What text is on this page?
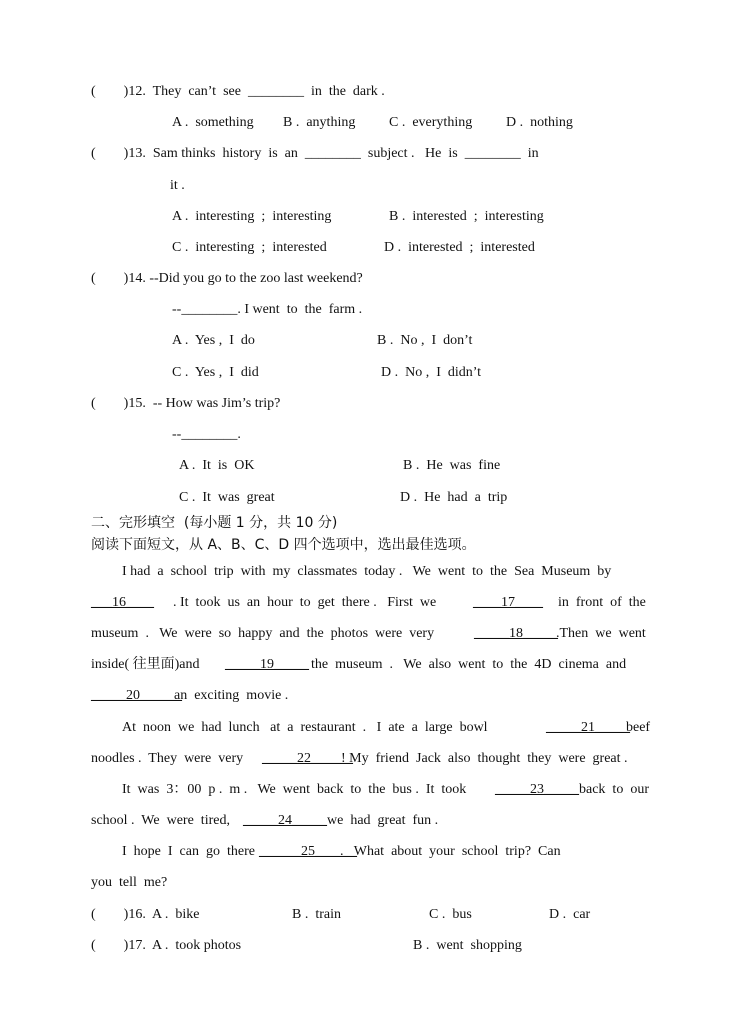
(        )12.  They  can’t  see  ________  in  the  dark .
A .  something B .  anything C .  everything D .  nothing
(        )13.  Sam thinks  history  is  an  ________  subject .   He  is  ________  in
it .
A .  interesting  ;  interesting	B .  interested  ;  interesting
C .  interesting  ;  interested	D .  interested  ;  interested
(        )14. --Did you go to the zoo last weekend?
--________. I went  to  the  farm .
A .  Yes ,  I  do	B .  No ,  I  don’t
C .  Yes ,  I  did	D .  No ,  I  didn’t
(        )15.  -- How was Jim’s trip?
--________.
A .  It  is  OK	B .  He  was  fine
C .  It  was  great	D .  He  had  a  trip
二、完形填空  (每小题 1 分，共 10 分)
阅读下面短文，从 A、B、C、D 四个选项中，选出最佳选项。
I had  a  school  trip  with  my  classmates  today .   We  went  to  the  Sea  Museum  by
___16____ . It  took  us  an  hour  to  get  there .   First  we	____17____ in  front  of  the
museum  .   We  were  so  happy  and  the  photos  were  very	_____18_____
.Then  we  went
inside( 往里面)and _____19_____ the  museum  .   We  also  went  to  the  4D  cinema  and
_____20______
an  exciting  movie .
At  noon  we  had  lunch   at  a  restaurant  .   I  ate  a  large  bowl	_____21_____
beef
noodles .  They  were  very _____22______
! My  friend  Jack  also  thought  they  were  great .
It  was  3：00  p .  m .   We  went  back  to  the  bus .  It  took _____23_____ back  to  our
school .  We  were  tired, _____24_____ we  had  great  fun .
I  hope  I  can  go  there ______25______
.   What  about  your  school  trip?  Can
you  tell  me?
(        )16.  A .  bike	B .  train	C .  bus	D .  car
(        )17.  A .  took photos	B .  went  shopping
